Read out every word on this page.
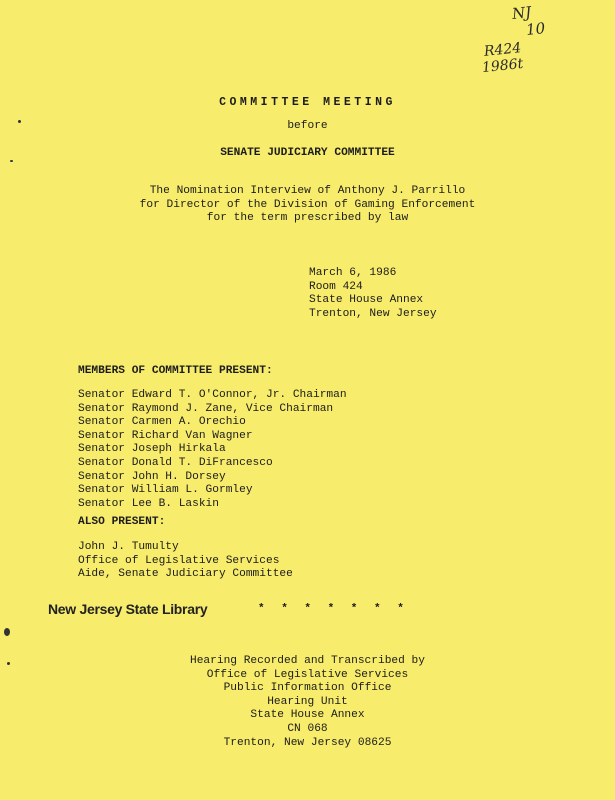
NJ
10
R424
1986t
COMMITTEE MEETING
before
SENATE JUDICIARY COMMITTEE
The Nomination Interview of Anthony J. Parrillo
for Director of the Division of Gaming Enforcement
for the term prescribed by law
March 6, 1986
Room 424
State House Annex
Trenton, New Jersey
MEMBERS OF COMMITTEE PRESENT:
Senator Edward T. O'Connor, Jr. Chairman
Senator Raymond J. Zane, Vice Chairman
Senator Carmen A. Orechio
Senator Richard Van Wagner
Senator Joseph Hirkala
Senator Donald T. DiFrancesco
Senator John H. Dorsey
Senator William L. Gormley
Senator Lee B. Laskin
ALSO PRESENT:
John J. Tumulty
Office of Legislative Services
Aide, Senate Judiciary Committee
New Jersey State Library	* * * * * * *
Hearing Recorded and Transcribed by
Office of Legislative Services
Public Information Office
Hearing Unit
State House Annex
CN 068
Trenton, New Jersey 08625
